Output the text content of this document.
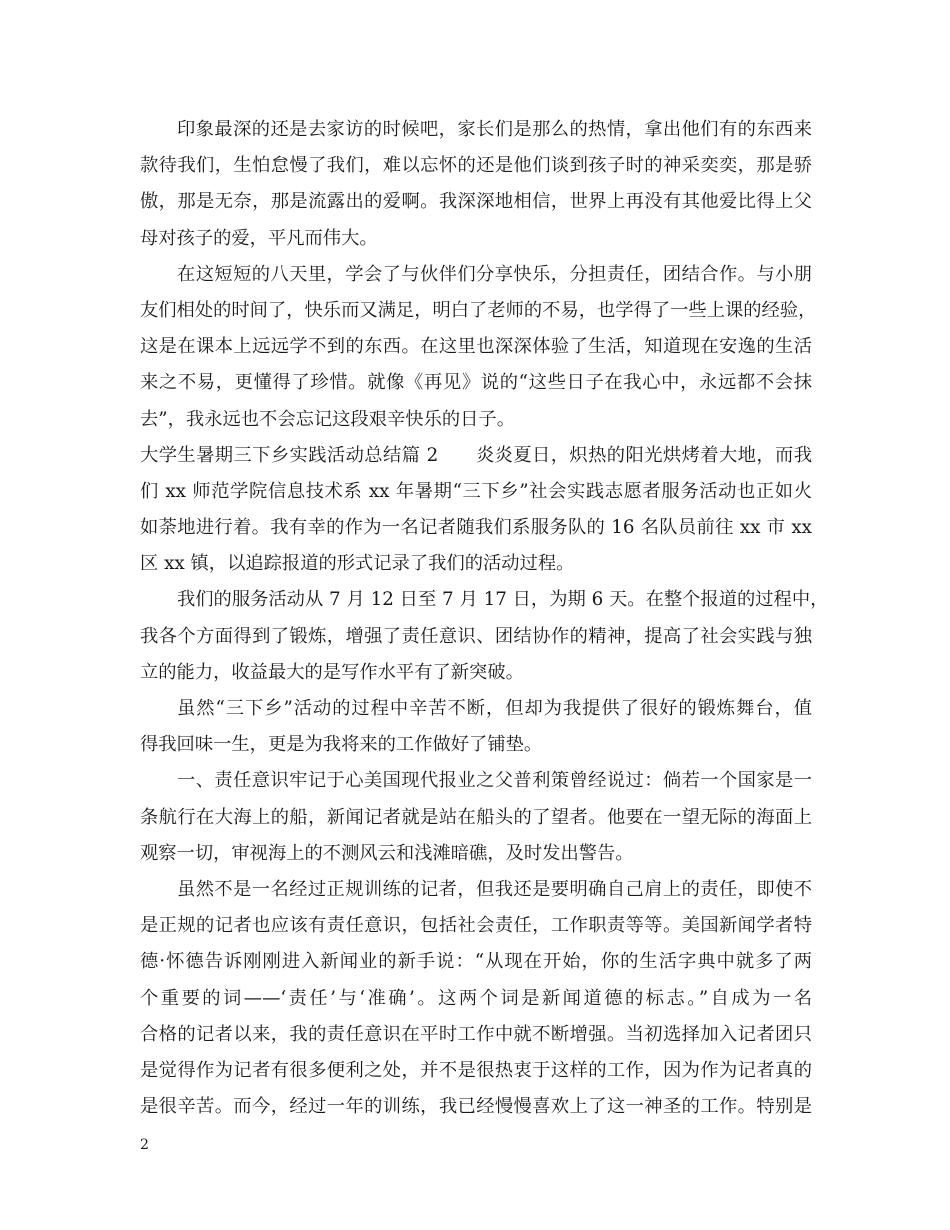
印象最深的还是去家访的时候吧，家长们是那么的热情，拿出他们有的东西来
款待我们，生怕怠慢了我们，难以忘怀的还是他们谈到孩子时的神采奕奕，那是骄
傲，那是无奈，那是流露出的爱啊。我深深地相信，世界上再没有其他爱比得上父
母对孩子的爱，平凡而伟大。
在这短短的八天里，学会了与伙伴们分享快乐，分担责任，团结合作。与小朋
友们相处的时间了，快乐而又满足，明白了老师的不易，也学得了一些上课的经验，
这是在课本上远远学不到的东西。在这里也深深体验了生活，知道现在安逸的生活
来之不易，更懂得了珍惜。就像《再见》说的“这些日子在我心中，永远都不会抹
去”，我永远也不会忘记这段艰辛快乐的日子。
大学生暑期三下乡实践活动总结篇 2　　炎炎夏日，炽热的阳光烘烤着大地，而我
们 xx 师范学院信息技术系 xx 年暑期“三下乡”社会实践志愿者服务活动也正如火
如荼地进行着。我有幸的作为一名记者随我们系服务队的 16 名队员前往 xx 市 xx
区 xx 镇，以追踪报道的形式记录了我们的活动过程。
我们的服务活动从 7 月 12 日至 7 月 17 日，为期 6 天。在整个报道的过程中，
我各个方面得到了锻炼，增强了责任意识、团结协作的精神，提高了社会实践与独
立的能力，收益最大的是写作水平有了新突破。
虽然“三下乡”活动的过程中辛苦不断，但却为我提供了很好的锻炼舞台，值
得我回味一生，更是为我将来的工作做好了铺垫。
一、责任意识牢记于心美国现代报业之父普利策曾经说过：倘若一个国家是一
条航行在大海上的船，新闻记者就是站在船头的了望者。他要在一望无际的海面上
观察一切，审视海上的不测风云和浅滩暗礁，及时发出警告。
虽然不是一名经过正规训练的记者，但我还是要明确自己肩上的责任，即使不
是正规的记者也应该有责任意识，包括社会责任，工作职责等等。美国新闻学者特
德·怀德告诉刚刚进入新闻业的新手说：“从现在开始，你的生活字典中就多了两
个重要的词——‘责任’与‘准确’。这两个词是新闻道德的标志。”自成为一名
合格的记者以来，我的责任意识在平时工作中就不断增强。当初选择加入记者团只
是觉得作为记者有很多便利之处，并不是很热衷于这样的工作，因为作为记者真的
是很辛苦。而今，经过一年的训练，我已经慢慢喜欢上了这一神圣的工作。特别是
2
